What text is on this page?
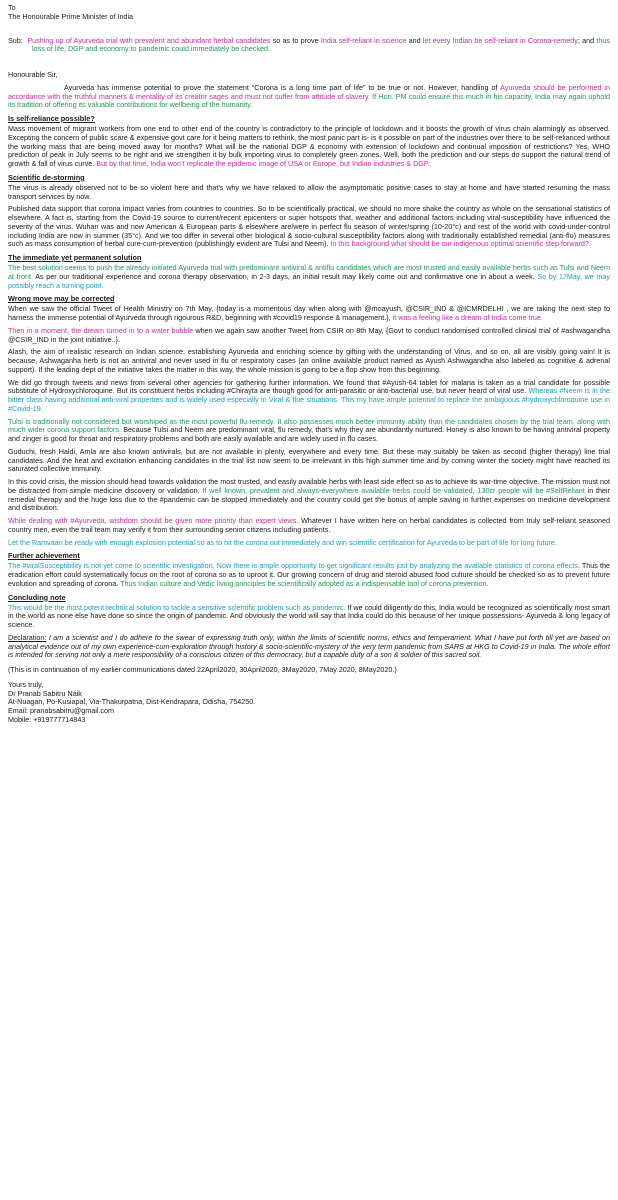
To

The Honourable Prime Minister of India

Sub: Pushing up of Ayurveda trial with prevalent and abundant herbal candidates so as to prove India self-reliant in science and let every Indian be self-reliant in Corona-remedy; and thus loss of life, DGP and economy to pandemic could immediately be checked.

Honourable Sir,

Ayurveda has immense potential to prove the statement “Corona is a long time part of life” to be true or not. However, handling of Ayurveda should be performed in accordance with the truthful manners & mentality of its creator sages and must not suffer from attitude of slavery. If Hon. PM could ensure this much in his capacity, India may again uphold its tradition of offering its valuable contributions for wellbeing of the humanity.

Is self-reliance possible?

Mass movement of migrant workers from one end to other end of the country is contradictory to the principle of lockdown and it boosts the growth of virus chain alarmingly as observed. Excepting the concern of public scare & expensive govt care for it being matters to rethink, the most panic part is- is it possible on part of the industries over there to be self-relianced without the working mass that are being moved away for months? What will be the national DGP & economy with extension of lockdown and continual imposition of restrictions? Yes, WHO prediction of peak in July seems to be right and we strengthen it by bulk importing virus to completely green zones. Well, both the prediction and our steps do support the natural trend of growth & fall of virus curve. But by that time, India won’t replicate the epidemic image of USA or Europe, but Indian industries & DGP.

Scientific de-storming

The virus is already observed not to be so violent here and that’s why we have relaxed to allow the asymptomatic positive cases to stay at home and have started resuming the mass transport services by now.

Published data support that corona impact varies from countries to countries. So to be scientifically practical, we should no more shake the country as whole on the sensational statistics of elsewhere. A fact is, starting from the Covid-19 source to current/recent epicenters or super hotspots that, weather and additional factors including viral-susceptibility have influenced the severity of the virus. Wuhan was and now American & European parts & elsewhere are/were in perfect flu season of winter/spring (10-20°c) and rest of the world with covid-under-control including India are now in summer (35°c). And we too differ in several other biological & socio-cultural susceptibility factors along with traditionally established remedial (anti-flu) measures such as mass consumption of herbal cure-cum-prevention (publishingly evident are Tulsi and Neem). In this background what should be our indigenous optimal scientific step forward?

The immediate yet permanent solution

The best solution seems to push the already initiated Ayurveda trial with predominant antiviral & antiflu candidates which are most trusted and easily available herbs such as Tulsi and Neem at front. As per our traditional experience and corona therapy observation, in 2-3 days, an initial result may likely come out and confirmative one in about a week. So by 17May, we may possibly reach a turning point.

Wrong move may be corrected

When we saw the official Tweet of Health Ministry on 7th May, {today is a momentous day when along with @moayush, @CSIR_IND & @ICMRDELHI , we are taking the next step to harness the immense potential of Ayurveda through rigourous R&D, beginning with #covid19 response & management.}, it was a feeling like a dream of India come true.

Then in a moment, the dream turned in to a water bubble when we again saw another Tweet from CSIR on 8th May, {Govt to conduct randomised controlled clinical trial of #ashwagandha @CSIR_IND in the joint initiative..}.

Alash, the aim of realistic research on Indian science, establishing Ayurveda and enriching science by gifting with the understanding of Virus, and so on, all are visibly going vain! It is because, Ashwaganha herb is not an antiviral and never used in flu or respiratory cases (an online available product named as Ayush Ashwagandha also labeled as cognitive & adrenal support). If the leading dept of the initiative takes the matter in this way, the whole mission is going to be a flop show from this beginning.

We did go through tweets and news from several other agencies for gathering further information. We found that #Ayush-64 tablet for malaria is taken as a trial candidate for possible substitute of Hydroxychloroquine. But its constituent herbs including #Chirayta are though good for anti-parasitic or anti-bacterial use, but never heard of viral use. Whereas #Neem is in the bitter class having additional anti-viral properties and is widely used especially in Viral & flue situations. This my have ample potential to replace the ambiguous #hydroxychloroquine use in #Covid-19.

Tulsi is traditionally not considered but worshiped as the most powerful flu remedy. It also possesses much better immunity ability than the candidates chosen by the trial team, along with much wider corona support factors. Because Tulsi and Neem are predominant viral, flu remedy, that’s why they are abundantly nurtured. Honey is also known to be having antiviral property and zinger is good for throat and respiratory problems and both are easily available and are widely used in flu cases.

Guduchi, fresh Haldi, Amla are also known antivirals, but are not available in plenty, everywhere and every time. But these may suitably be taken as second (higher therapy) line trial candidates. And the heat and excitation enhancing candidates in the trial list now seem to be irrelevant in this high summer time and by coming winter the society might have reached its saturated collective immunity.

In this covid crisis, the mission should head towards validation the most trusted, and easily available herbs with least side effect so as to achieve its war-time objective. The mission must not be distracted from simple medicine discovery or validation. If well known, prevalent and always-everywhere available herbs could be validated, 130cr people will be #SelfReliant in their remedial therapy and the huge loss due to the #pandemic can be stopped immediately and the country could get the bonus of ample saving in further expenses on medicine development and distribution.

While dealing with #Ayurveda, wishdom should be given more priority than expert views. Whatever I have written here on herbal candidates is collected from truly self-reliant seasoned country men, even the trail team may verify it from their surrounding senior citizens including patients.

Let the Ramvaan be ready with enough explosion potential so as to hit the corona out immediately and win scientific certification for Ayurveda to be part of life for long future.

Further achievement

The #viralSusceptibility is not yet come to scientific investigation. Now there is ample opportunity to get significant results just by analyzing the available statistics of corona effects. Thus the eradication effort could systematically focus on the root of corona so as to uproot it. Our growing concern of drug and steroid abused food culture should be checked so as to prevent future evolution and spreading of corona. Thus Indian culture and Vedic living principles be scientifically adopted as a indispensable tool of corona prevention.

Concluding note

This would be the most potent technical solution to tackle a sensitive scientific problem such as pandemic. If we could diligently do this, India would be recognized as scientifically most smart in the world as none else have done so since the origin of pandemic. And obviously the world will say that India could do this because of her unique possessions- Ayurveda & long legacy of science.

Declaration: I am a scientist and I do adhere to the swear of expressing truth only, within the limits of scientific norms, ethics and temperament. What I have put forth till yet are based on analytical evidence out of my own experience-cum-exploration through history & socio-scientific-mystery of the very term pandemic from SARS at HKG to Covid-19 in India. The whole effort is intended for serving not only a mere responsibility of a conscious citizen of this democracy, but a capable duty of a son & soldier of this sacred soil.

(This is in continuation of my earlier communications dated 22April2020, 30April2020, 3May2020, 7May 2020, 8May2020.)

Yours truly,

Dr Pranab Sabitru Naik

At-Nuagan, Po-Kusiapal, Via-Thakurpatna, Dist-Kendrapara, Odisha, 754250.

Email: pranabsabitru@gmail.com

Mobile: +919777714843
